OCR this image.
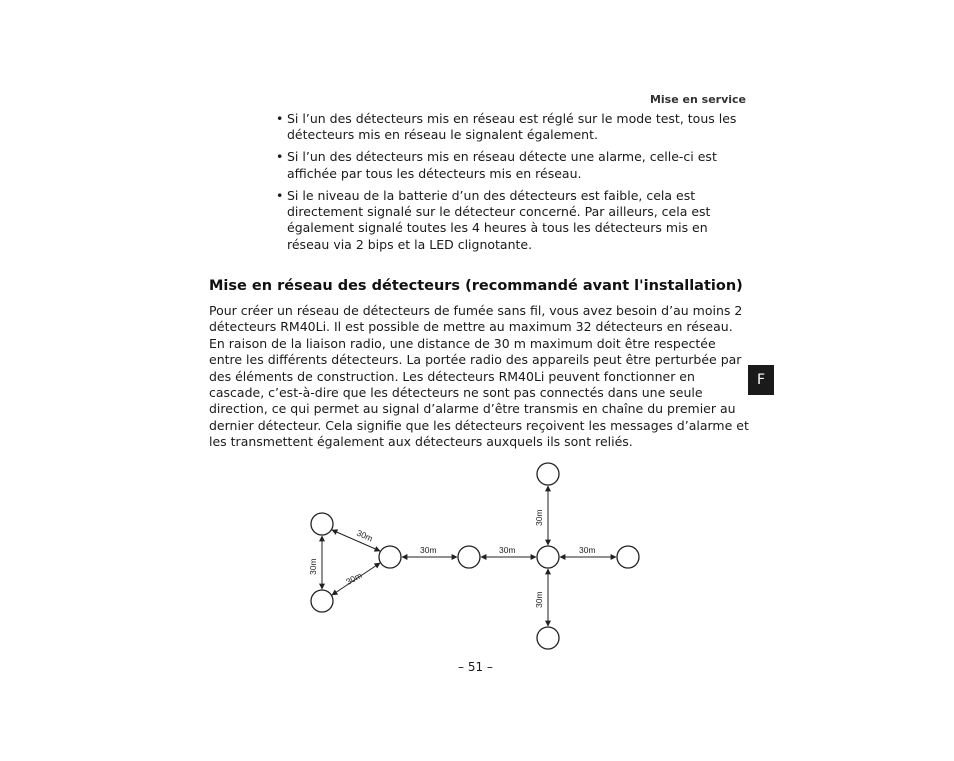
Mise en service
• Si l’un des détecteurs mis en réseau est réglé sur le mode test, tous les détecteurs mis en réseau le signalent également.
• Si l’un des détecteurs mis en réseau détecte une alarme, celle-ci est affichée par tous les détecteurs mis en réseau.
• Si le niveau de la batterie d’un des détecteurs est faible, cela est directement signalé sur le détecteur concerné. Par ailleurs, cela est également signalé toutes les 4 heures à tous les détecteurs mis en réseau via 2 bips et la LED clignotante.
Mise en réseau des détecteurs (recommandé avant l'installation)

Pour créer un réseau de détecteurs de fumée sans fil, vous avez besoin d’au moins 2 détecteurs RM40Li. Il est possible de mettre au maximum 32 détecteurs en réseau. En raison de la liaison radio, une distance de 30 m maximum doit être respectée entre les différents détecteurs. La portée radio des appareils peut être perturbée par des éléments de construction. Les détecteurs RM40Li peuvent fonctionner en cascade, c’est-à-dire que les détecteurs ne sont pas connectés dans une seule direction, ce qui permet au signal d’alarme d’être transmis en chaîne du premier au dernier détecteur. Cela signifie que les détecteurs reçoivent les messages d’alarme et les transmettent également aux détecteurs auxquels ils sont reliés.

F
30m
30m
30m
30m	30m	30m
30m
30m
– 51 –
